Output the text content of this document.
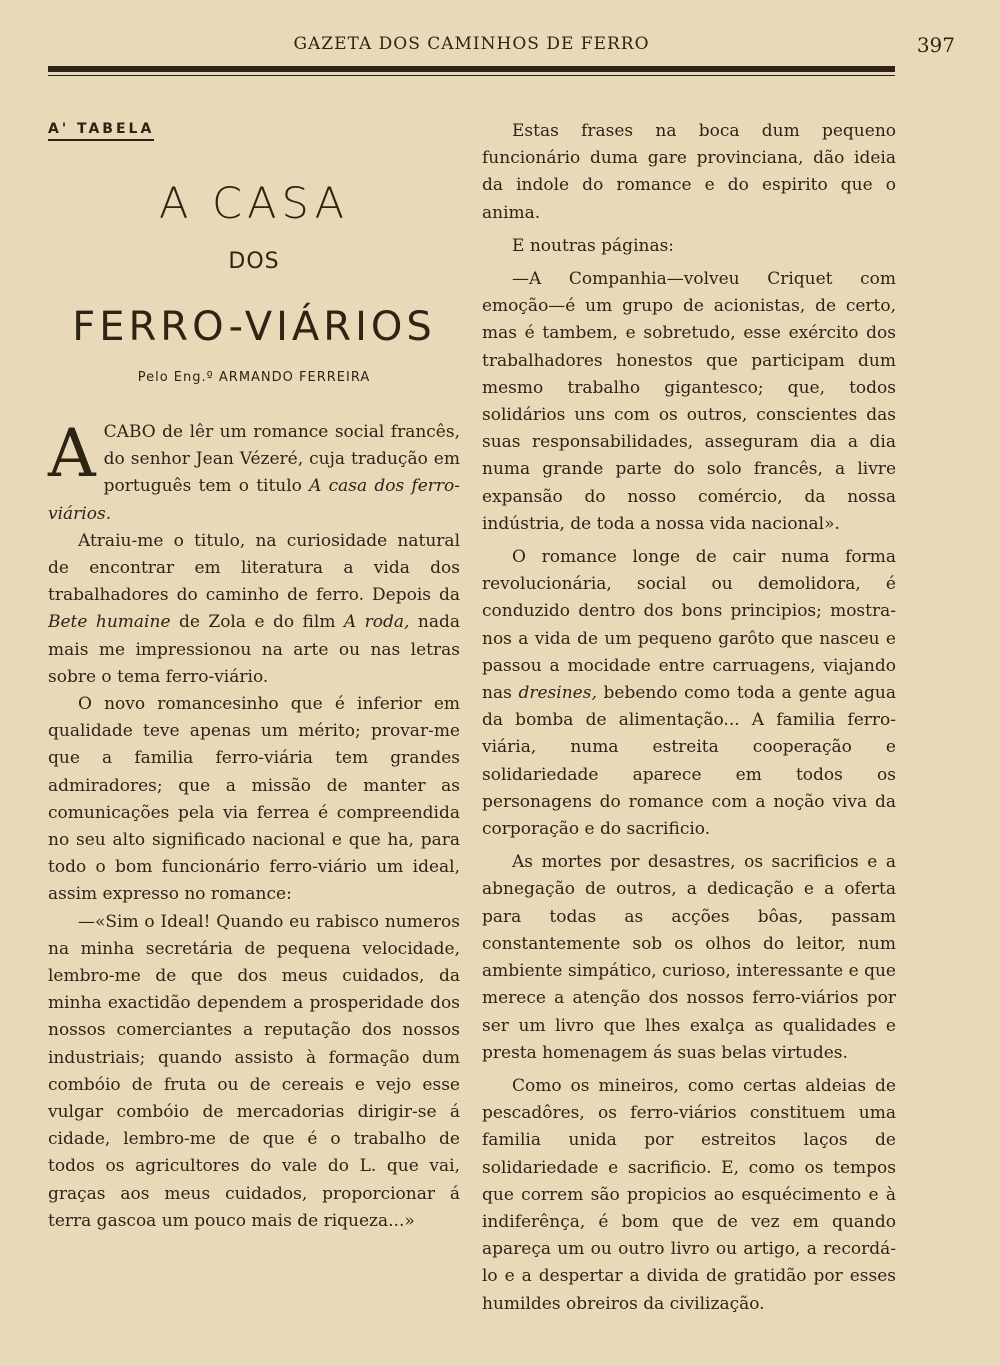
GAZETA DOS CAMINHOS DE FERRO	397
A' TABELA
A CASA
DOS
FERRO-VIÁRIOS
Pelo Eng.º ARMANDO FERREIRA

ACABO de lêr um romance social francês, do senhor Jean Vézeré, cuja tradução em português tem o titulo A casa dos ferro-viários.

Atraiu-me o titulo, na curiosidade natural de encontrar em literatura a vida dos trabalhadores do caminho de ferro. Depois da Bete humaine de Zola e do film A roda, nada mais me impressionou na arte ou nas letras sobre o tema ferro-viário.

O novo romancesinho que é inferior em qualidade teve apenas um mérito; provar-me que a familia ferro-viária tem grandes admiradores; que a missão de manter as comunicações pela via ferrea é compreendida no seu alto significado nacional e que ha, para todo o bom funcionário ferro-viário um ideal, assim expresso no romance:

—«Sim o Ideal! Quando eu rabisco numeros na minha secretária de pequena velocidade, lembro-me de que dos meus cuidados, da minha exactidão dependem a prosperidade dos nossos comerciantes a reputação dos nossos industriais; quando assisto à formação dum combóio de fruta ou de cereais e vejo esse vulgar combóio de mercadorias dirigir-se á cidade, lembro-me de que é o trabalho de todos os agricultores do vale do L. que vai, graças aos meus cuidados, proporcionar á terra gascoa um pouco mais de riqueza...»

Estas frases na boca dum pequeno funcionário duma gare provinciana, dão ideia da indole do romance e do espirito que o anima.

E noutras páginas:

—A Companhia—volveu Criquet com emoção—é um grupo de acionistas, de certo, mas é tambem, e sobretudo, esse exército dos trabalhadores honestos que participam dum mesmo trabalho gigantesco; que, todos solidários uns com os outros, conscientes das suas responsabilidades, asseguram dia a dia numa grande parte do solo francês, a livre expansão do nosso comércio, da nossa indústria, de toda a nossa vida nacional».

O romance longe de cair numa forma revolucionária, social ou demolidora, é conduzido dentro dos bons principios; mostra-nos a vida de um pequeno garôto que nasceu e passou a mocidade entre carruagens, viajando nas dresines, bebendo como toda a gente agua da bomba de alimentação... A familia ferro-viária, numa estreita cooperação e solidariedade aparece em todos os personagens do romance com a noção viva da corporação e do sacrificio.

As mortes por desastres, os sacrificios e a abnegação de outros, a dedicação e a oferta para todas as acções bôas, passam constantemente sob os olhos do leitor, num ambiente simpático, curioso, interessante e que merece a atenção dos nossos ferro-viários por ser um livro que lhes exalça as qualidades e presta homenagem ás suas belas virtudes.

Como os mineiros, como certas aldeias de pescadôres, os ferro-viários constituem uma familia unida por estreitos laços de solidariedade e sacrificio. E, como os tempos que correm são propicios ao esquécimento e à indiferênça, é bom que de vez em quando apareça um ou outro livro ou artigo, a recordá-lo e a despertar a divida de gratidão por esses humildes obreiros da civilização.
